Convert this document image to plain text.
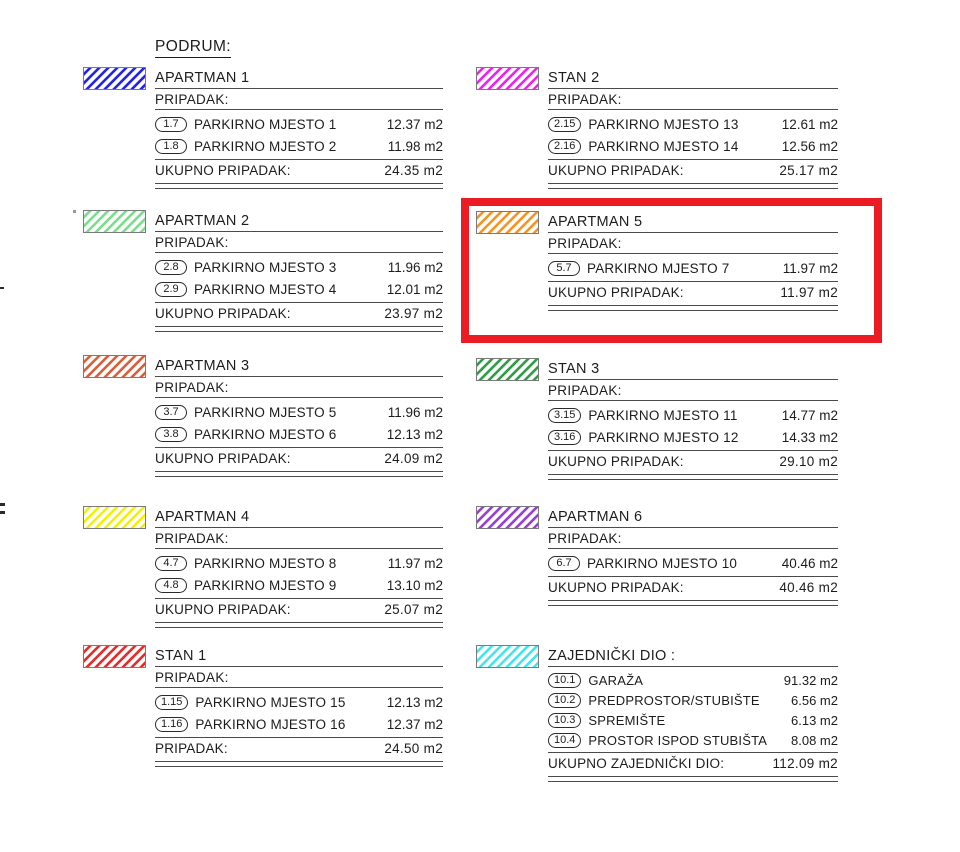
PODRUM:
APARTMAN 1
PRIPADAK:
1.7	PARKIRNO MJESTO 1	12.37 m2
1.8	PARKIRNO MJESTO 2	11.98 m2
UKUPNO PRIPADAK:	24.35 m2
APARTMAN 2
PRIPADAK:
2.8	PARKIRNO MJESTO 3	11.96 m2
2.9	PARKIRNO MJESTO 4	12.01 m2
UKUPNO PRIPADAK:	23.97 m2
APARTMAN 3
PRIPADAK:
3.7	PARKIRNO MJESTO 5	11.96 m2
3.8	PARKIRNO MJESTO 6	12.13 m2
UKUPNO PRIPADAK:	24.09 m2
APARTMAN 4
PRIPADAK:
4.7	PARKIRNO MJESTO 8	11.97 m2
4.8	PARKIRNO MJESTO 9	13.10 m2
UKUPNO PRIPADAK:	25.07 m2
STAN 1
PRIPADAK:
1.15 PARKIRNO MJESTO 15	12.13 m2
1.16 PARKIRNO MJESTO 16	12.37 m2
PRIPADAK:	24.50 m2
STAN 2
PRIPADAK:
2.15 PARKIRNO MJESTO 13	12.61 m2
2.16 PARKIRNO MJESTO 14	12.56 m2
UKUPNO PRIPADAK:	25.17 m2
APARTMAN 5
PRIPADAK:
5.7	PARKIRNO MJESTO 7	11.97 m2
UKUPNO PRIPADAK:	11.97 m2
STAN 3
PRIPADAK:
3.15 PARKIRNO MJESTO 11	14.77 m2
3.16 PARKIRNO MJESTO 12	14.33 m2
UKUPNO PRIPADAK:	29.10 m2
APARTMAN 6
PRIPADAK:
6.7	PARKIRNO MJESTO 10	40.46 m2
UKUPNO PRIPADAK:	40.46 m2
ZAJEDNIČKI DIO :
10.1	GARAŽA	91.32 m2
10.2	PREDPROSTOR/STUBIŠTE	6.56 m2
10.3	SPREMIŠTE	6.13 m2
10.4	PROSTOR ISPOD STUBIŠTA	8.08 m2
UKUPNO ZAJEDNIČKI DIO:	112.09 m2
